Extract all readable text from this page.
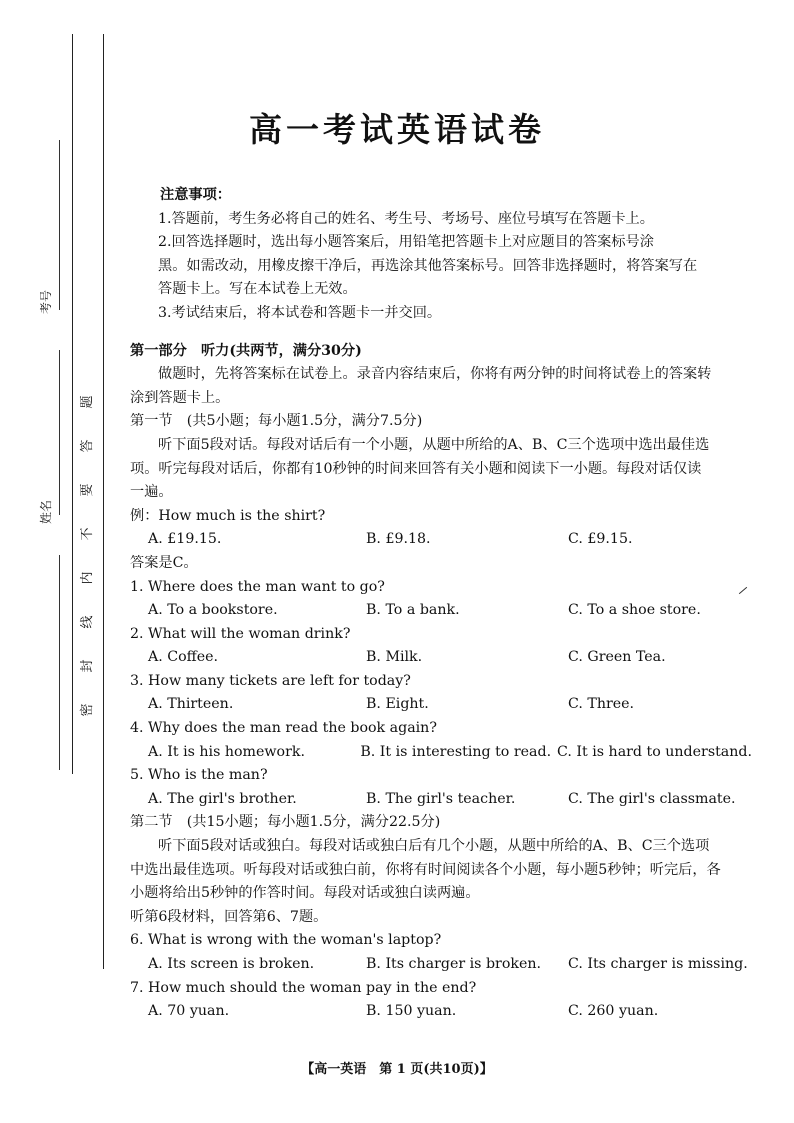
考号
姓名
题
答
要
不
内
线
封
密
高一考试英语试卷
注意事项：
1.答题前，考生务必将自己的姓名、考生号、考场号、座位号填写在答题卡上。
2.回答选择题时，选出每小题答案后，用铅笔把答题卡上对应题目的答案标号涂
黑。如需改动，用橡皮擦干净后，再选涂其他答案标号。回答非选择题时，将答案写在
答题卡上。写在本试卷上无效。
3.考试结束后，将本试卷和答题卡一并交回。
第一部分　听力(共两节，满分30分)
做题时，先将答案标在试卷上。录音内容结束后，你将有两分钟的时间将试卷上的答案转
涂到答题卡上。
第一节　(共5小题；每小题1.5分，满分7.5分)
听下面5段对话。每段对话后有一个小题，从题中所给的A、B、C三个选项中选出最佳选
项。听完每段对话后，你都有10秒钟的时间来回答有关小题和阅读下一小题。每段对话仅读
一遍。
例：How much is the shirt?
A. £19.15.	B. £9.18.	C. £9.15.
答案是C。
1. Where does the man want to go?
A. To a bookstore.	B. To a bank.	C. To a shoe store.
2. What will the woman drink?
A. Coffee.	B. Milk.	C. Green Tea.
3. How many tickets are left for today?
A. Thirteen.	B. Eight.	C. Three.
4. Why does the man read the book again?
A. It is his homework.	B. It is interesting to read. C. It is hard to understand.
5. Who is the man?
A. The girl's brother.	B. The girl's teacher.	C. The girl's classmate.
第二节　(共15小题；每小题1.5分，满分22.5分)
听下面5段对话或独白。每段对话或独白后有几个小题，从题中所给的A、B、C三个选项
中选出最佳选项。听每段对话或独白前，你将有时间阅读各个小题，每小题5秒钟；听完后，各
小题将给出5秒钟的作答时间。每段对话或独白读两遍。
听第6段材料，回答第6、7题。
6. What is wrong with the woman's laptop?
A. Its screen is broken.	B. Its charger is broken.	C. Its charger is missing.
7. How much should the woman pay in the end?
A. 70 yuan.	B. 150 yuan.	C. 260 yuan.
【高一英语　第 1 页(共10页)】
